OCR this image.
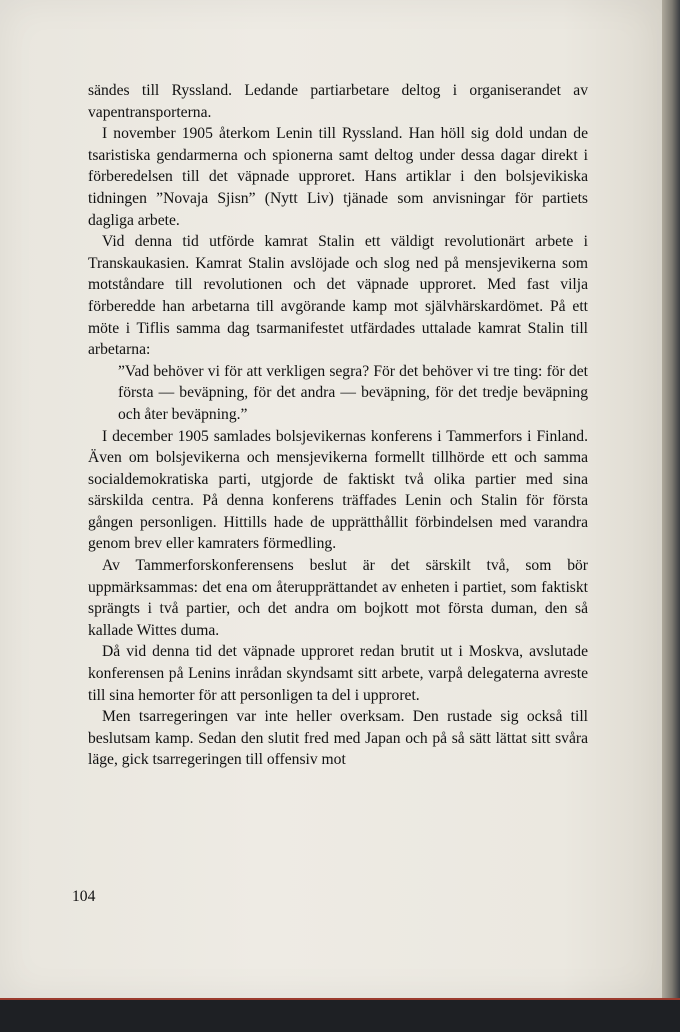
sändes till Ryssland. Ledande partiarbetare deltog i organiserandet av vapentransporterna.

I november 1905 återkom Lenin till Ryssland. Han höll sig dold undan de tsaristiska gendarmerna och spionerna samt deltog under dessa dagar direkt i förberedelsen till det väpnade upproret. Hans artiklar i den bolsjevikiska tidningen ”Novaja Sjisn” (Nytt Liv) tjänade som anvisningar för partiets dagliga arbete.

Vid denna tid utförde kamrat Stalin ett väldigt revolutionärt arbete i Transkaukasien. Kamrat Stalin avslöjade och slog ned på mensjevikerna som motståndare till revolutionen och det väpnade upproret. Med fast vilja förberedde han arbetarna till avgörande kamp mot självhärskardömet. På ett möte i Tiflis samma dag tsarmanifestet utfärdades uttalade kamrat Stalin till arbetarna:

”Vad behöver vi för att verkligen segra? För det behöver vi tre ting: för det första — beväpning, för det andra — beväpning, för det tredje beväpning och åter beväpning.”

I december 1905 samlades bolsjevikernas konferens i Tammerfors i Finland. Även om bolsjevikerna och mensjevikerna formellt tillhörde ett och samma socialdemokratiska parti, utgjorde de faktiskt två olika partier med sina särskilda centra. På denna konferens träffades Lenin och Stalin för första gången personligen. Hittills hade de upprätthållit förbindelsen med varandra genom brev eller kamraters förmedling.

Av Tammerforskonferensens beslut är det särskilt två, som bör uppmärksammas: det ena om återupprättandet av enheten i partiet, som faktiskt sprängts i två partier, och det andra om bojkott mot första duman, den så kallade Wittes duma.

Då vid denna tid det väpnade upproret redan brutit ut i Moskva, avslutade konferensen på Lenins inrådan skyndsamt sitt arbete, varpå delegaterna avreste till sina hemorter för att personligen ta del i upproret.

Men tsarregeringen var inte heller overksam. Den rustade sig också till beslutsam kamp. Sedan den slutit fred med Japan och på så sätt lättat sitt svåra läge, gick tsarregeringen till offensiv mot

104
